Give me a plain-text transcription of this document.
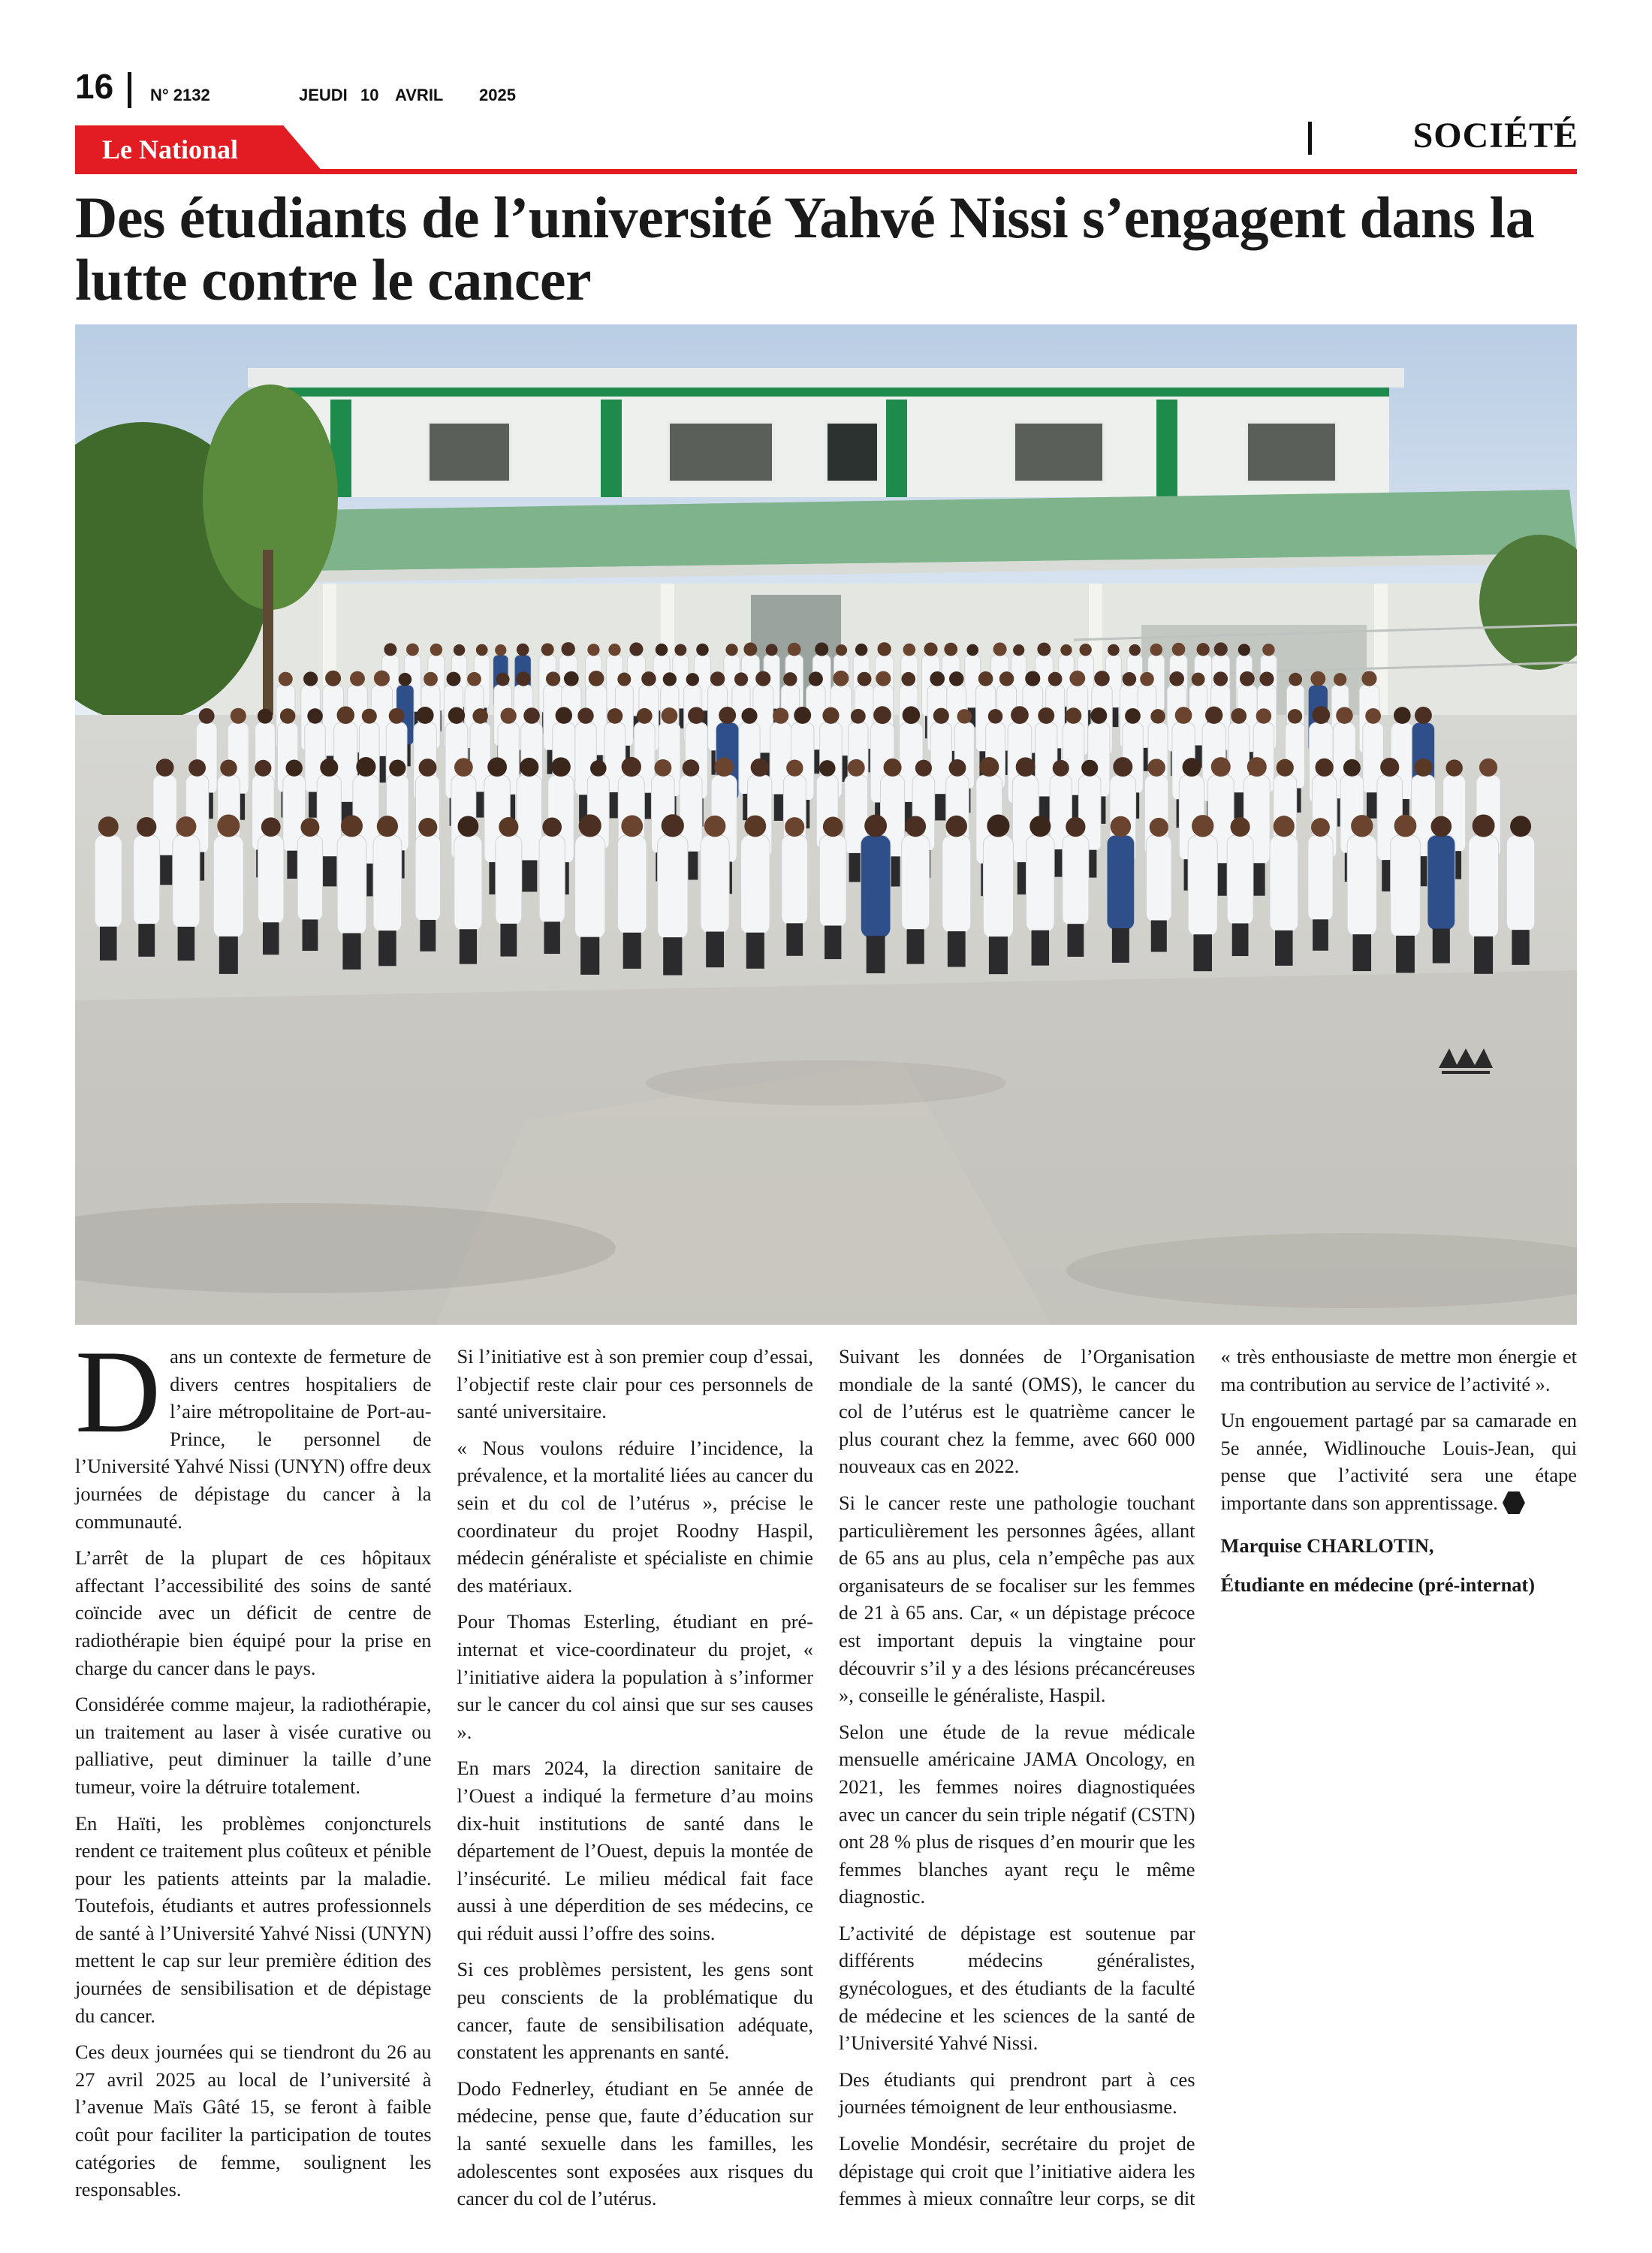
16 N° 2132	JEUDI 10 AVRIL 2025
Le National	SOCIÉTÉ
Des étudiants de l’université Yahvé Nissi s’engagent dans la lutte contre le cancer

Dans un contexte de fermeture de divers centres hospitaliers de l’aire métropolitaine de Port-au-Prince, le personnel de l’Université Yahvé Nissi (UNYN) offre deux journées de dépistage du cancer à la communauté.

L’arrêt de la plupart de ces hôpitaux affectant l’accessibilité des soins de santé coïncide avec un déficit de centre de radiothérapie bien équipé pour la prise en charge du cancer dans le pays.

Considérée comme majeur, la radiothérapie, un traitement au laser à visée curative ou palliative, peut diminuer la taille d’une tumeur, voire la détruire totalement.

En Haïti, les problèmes conjoncturels rendent ce traitement plus coûteux et pénible pour les patients atteints par la maladie. Toutefois, étudiants et autres professionnels de santé à l’Université Yahvé Nissi (UNYN) mettent le cap sur leur première édition des journées de sensibilisation et de dépistage du cancer.

Ces deux journées qui se tiendront du 26 au 27 avril 2025 au local de l’université à l’avenue Maïs Gâté 15, se feront à faible coût pour faciliter la participation de toutes catégories de femme, soulignent les responsables.

Si l’initiative est à son premier coup d’essai, l’objectif reste clair pour ces personnels de santé universitaire.

« Nous voulons réduire l’incidence, la prévalence, et la mortalité liées au cancer du sein et du col de l’utérus », précise le coordinateur du projet Roodny Haspil, médecin généraliste et spécialiste en chimie des matériaux.

Pour Thomas Esterling, étudiant en pré-internat et vice-coordinateur du projet, « l’initiative aidera la population à s’informer sur le cancer du col ainsi que sur ses causes ».

En mars 2024, la direction sanitaire de l’Ouest a indiqué la fermeture d’au moins dix-huit institutions de santé dans le département de l’Ouest, depuis la montée de l’insécurité. Le milieu médical fait face aussi à une déperdition de ses médecins, ce qui réduit aussi l’offre des soins.

Si ces problèmes persistent, les gens sont peu conscients de la problématique du cancer, faute de sensibilisation adéquate, constatent les apprenants en santé.

Dodo Fednerley, étudiant en 5e année de médecine, pense que, faute d’éducation sur la santé sexuelle dans les familles, les adolescentes sont exposées aux risques du cancer du col de l’utérus.

Suivant les données de l’Organisation mondiale de la santé (OMS), le cancer du col de l’utérus est le quatrième cancer le plus courant chez la femme, avec 660 000 nouveaux cas en 2022.

Si le cancer reste une pathologie touchant particulièrement les personnes âgées, allant de 65 ans au plus, cela n’empêche pas aux organisateurs de se focaliser sur les femmes de 21 à 65 ans. Car, « un dépistage précoce est important depuis la vingtaine pour découvrir s’il y a des lésions précancéreuses », conseille le généraliste, Haspil.

Selon une étude de la revue médicale mensuelle américaine JAMA Oncology, en 2021, les femmes noires diagnostiquées avec un cancer du sein triple négatif (CSTN) ont 28 % plus de risques d’en mourir que les femmes blanches ayant reçu le même diagnostic.

L’activité de dépistage est soutenue par différents médecins généralistes, gynécologues, et des étudiants de la faculté de médecine et les sciences de la santé de l’Université Yahvé Nissi.

Des étudiants qui prendront part à ces journées témoignent de leur enthousiasme.

Lovelie Mondésir, secrétaire du projet de dépistage qui croit que l’initiative aidera les femmes à mieux connaître leur corps, se dit « très enthousiaste de mettre mon énergie et ma contribution au service de l’activité ».

Un engouement partagé par sa camarade en 5e année, Widlinouche Louis-Jean, qui pense que l’activité sera une étape importante dans son apprentissage.

Marquise CHARLOTIN,
Étudiante en médecine (pré-internat)
